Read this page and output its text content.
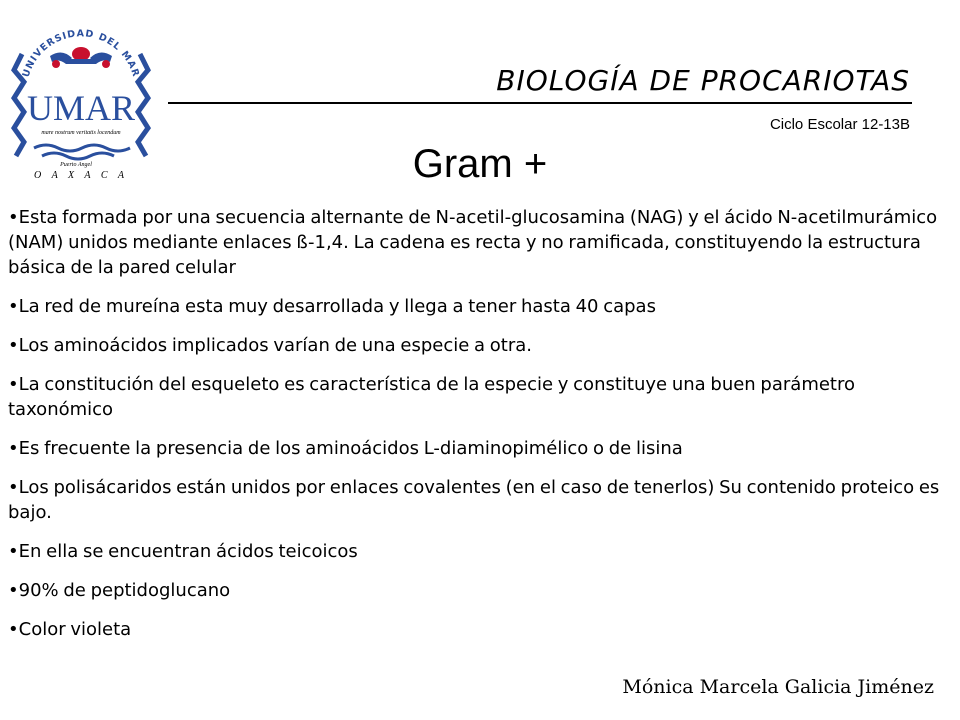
UNIVERSIDAD DEL MAR
UMAR
mare nostrum veritatis locendum
Puerto Angel
O A X A C A
BIOLOGÍA DE PROCARIOTAS
Ciclo Escolar 12-13B
Gram +
• Esta formada por una secuencia alternante de N-acetil-glucosamina (NAG) y el ácido N-acetilmurámico (NAM) unidos mediante enlaces ß-1,4. La cadena es recta y no ramificada, constituyendo la estructura básica de la pared celular
• La red de mureína esta muy desarrollada y llega a tener hasta 40 capas
• Los aminoácidos implicados varían de una especie a otra.
• La constitución del esqueleto es característica de la especie y constituye una buen parámetro taxonómico
• Es frecuente la presencia de los aminoácidos L-diaminopimélico o de lisina
• Los polisácaridos están unidos por enlaces covalentes (en el caso de tenerlos) Su contenido proteico es bajo.
• En ella se encuentran ácidos teicoicos
• 90% de peptidoglucano
• Color violeta
Mónica Marcela Galicia Jiménez
